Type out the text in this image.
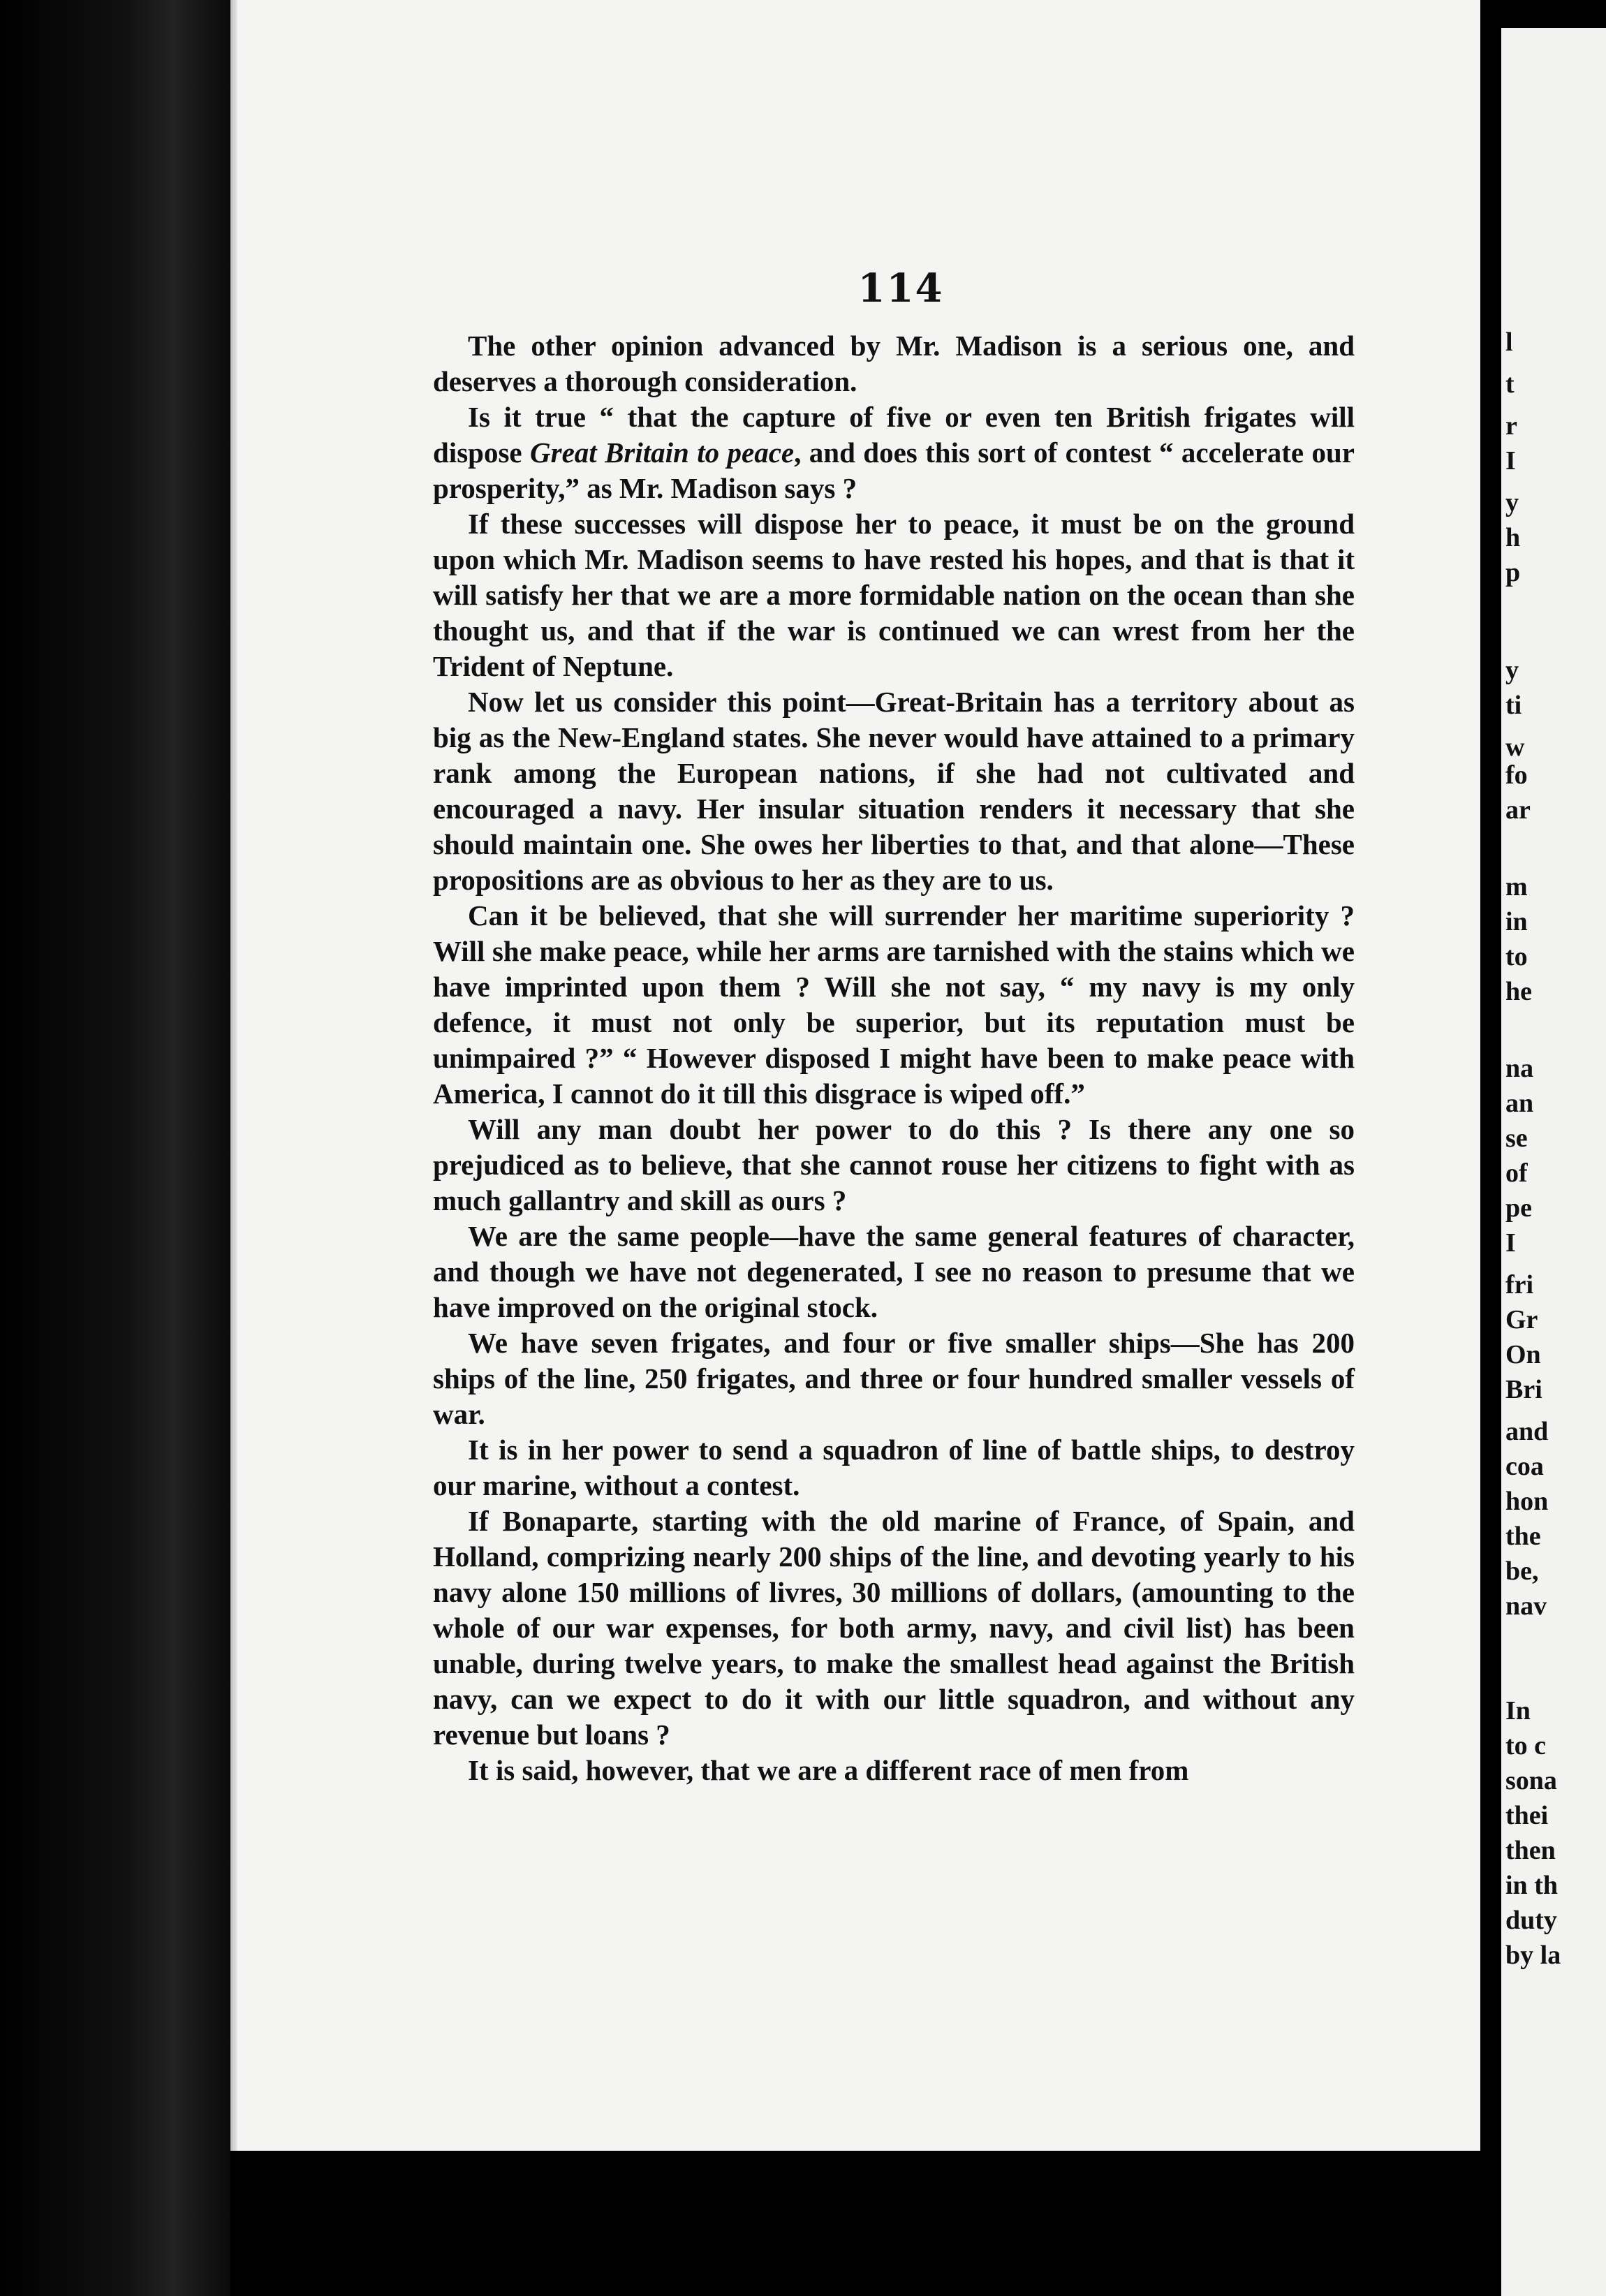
114

The other opinion advanced by Mr. Madison is a serious one, and deserves a thorough consideration.

Is it true “ that the capture of five or even ten British frigates will dispose Great Britain to peace, and does this sort of contest “ accelerate our prosperity,” as Mr. Madison says ?

If these successes will dispose her to peace, it must be on the ground upon which Mr. Madison seems to have rested his hopes, and that is that it will satisfy her that we are a more formidable nation on the ocean than she thought us, and that if the war is continued we can wrest from her the Trident of Neptune.

Now let us consider this point—Great-Britain has a territory about as big as the New-England states. She never would have attained to a primary rank among the European nations, if she had not cultivated and encouraged a navy. Her insular situation renders it necessary that she should maintain one. She owes her liberties to that, and that alone—These propositions are as obvious to her as they are to us.

Can it be believed, that she will surrender her maritime superiority ? Will she make peace, while her arms are tarnished with the stains which we have imprinted upon them ? Will she not say, “ my navy is my only defence, it must not only be superior, but its reputation must be unimpaired ?” “ However disposed I might have been to make peace with America, I cannot do it till this disgrace is wiped off.”

Will any man doubt her power to do this ? Is there any one so prejudiced as to believe, that she cannot rouse her citizens to fight with as much gallantry and skill as ours ?

We are the same people—have the same general features of character, and though we have not degenerated, I see no reason to presume that we have improved on the original stock.

We have seven frigates, and four or five smaller ships—She has 200 ships of the line, 250 frigates, and three or four hundred smaller vessels of war.

It is in her power to send a squadron of line of battle ships, to destroy our marine, without a contest.

If Bonaparte, starting with the old marine of France, of Spain, and Holland, comprizing nearly 200 ships of the line, and devoting yearly to his navy alone 150 millions of livres, 30 millions of dollars, (amounting to the whole of our war expenses, for both army, navy, and civil list) has been unable, during twelve years, to make the smallest head against the British navy, can we expect to do it with our little squadron, and without any revenue but loans ?

It is said, however, that we are a different race of men from

l
t
r
I
y
h
p
y
ti
w
fo
ar
m
in
to
he
na
an
se
of
pe
I
fri
Gr
On
Bri
and
coa
hon
the
be,
nav
In
to c
sona
thei
then
in th
duty
by la
